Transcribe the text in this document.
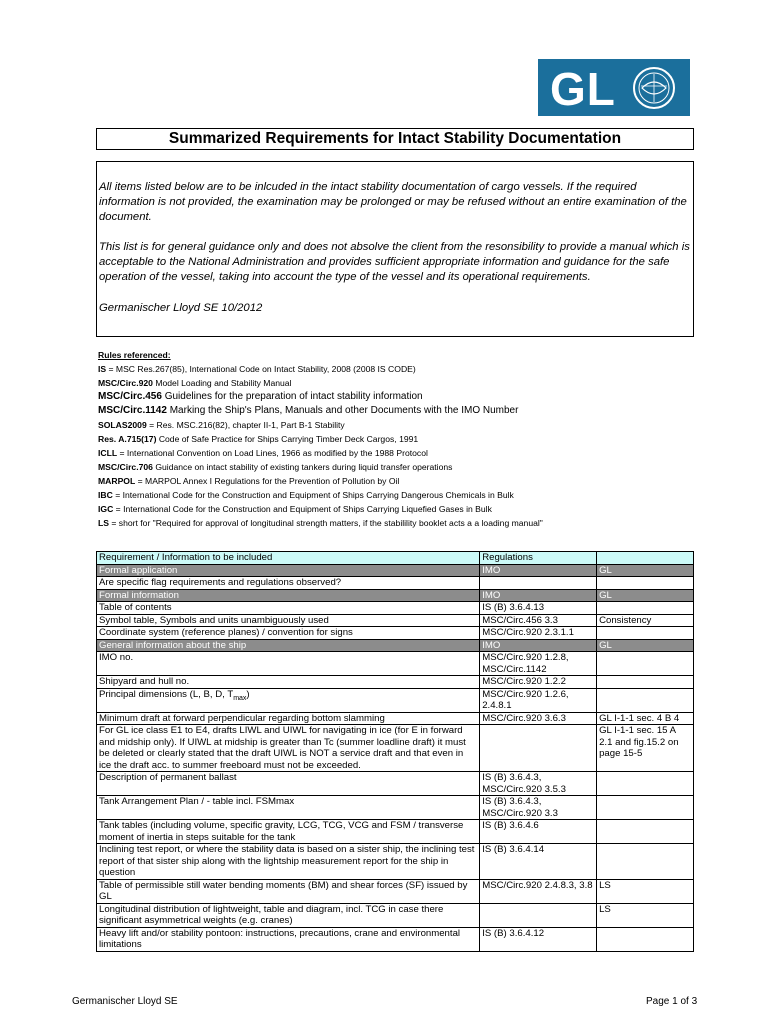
GL
Summarized Requirements for Intact Stability Documentation

All items listed below are to be inlcuded in the intact stability documentation of cargo vessels. If the required information is not provided, the examination may be prolonged or may be refused without an entire examination of the document.

This list is for general guidance only and does not absolve the client from the resonsibility to provide a manual which is acceptable to the National Administration and provides sufficient appropriate information and guidance for the safe operation of the vessel, taking into account the type of the vessel and its operational requirements.

Germanischer Lloyd SE 10/2012

Rules referenced:
IS = MSC Res.267(85), International Code on Intact Stability, 2008 (2008 IS CODE)
MSC/Circ.920 Model Loading and Stability Manual
MSC/Circ.456 Guidelines for the preparation of intact stability information
MSC/Circ.1142 Marking the Ship's Plans, Manuals and other Documents with the IMO Number
SOLAS2009 = Res. MSC.216(82), chapter II-1, Part B-1 Stability
Res. A.715(17) Code of Safe Practice for Ships Carrying Timber Deck Cargos, 1991
ICLL = International Convention on Load Lines, 1966 as modified by the 1988 Protocol
MSC/Circ.706 Guidance on intact stability of existing tankers during liquid transfer operations
MARPOL = MARPOL Annex I Regulations for the Prevention of Pollution by Oil
IBC = International Code for the Construction and Equipment of Ships Carrying Dangerous Chemicals in Bulk
IGC = International Code for the Construction and Equipment of Ships Carrying Liquefied Gases in Bulk
LS = short for "Required for approval of longitudinal strength matters, if the stabilility booklet acts a a loading manual"
Requirement / Information to be included	Regulations	
Formal application	IMO	GL
Are specific flag requirements and regulations observed?		
Formal information	IMO	GL
Table of contents	IS (B) 3.6.4.13	
Symbol table, Symbols and units unambiguously used	MSC/Circ.456 3.3	Consistency
Coordinate system (reference planes) / convention for signs	MSC/Circ.920 2.3.1.1	
General information about the ship	IMO	GL
IMO no.	MSC/Circ.920 1.2.8, MSC/Circ.1142	
Shipyard and hull no.	MSC/Circ.920 1.2.2	
Principal dimensions (L, B, D, $T_{max}$)	MSC/Circ.920 1.2.6, 2.4.8.1	
Minimum draft at forward perpendicular regarding bottom slamming	MSC/Circ.920 3.6.3	GL I-1-1 sec. 4 B 4
For GL ice class E1 to E4, drafts LIWL and UIWL for navigating in ice (for E in forward and midship only). If UIWL at midship is greater than Tc (summer loadline draft) it must be deleted or clearly stated that the draft UIWL is NOT a service draft and that even in ice the draft acc. to summer freeboard must not be exceeded.		GL I-1-1 sec. 15 A 2.1 and fig.15.2 on page 15-5
Description of permanent ballast	IS (B) 3.6.4.3, MSC/Circ.920 3.5.3	
Tank Arrangement Plan / - table incl. FSMmax	IS (B) 3.6.4.3, MSC/Circ.920 3.3	
Tank tables (including volume, specific gravity, LCG, TCG, VCG and FSM / transverse moment of inertia in steps suitable for the tank	IS (B) 3.6.4.6	
Inclining test report, or where the stability data is based on a sister ship, the inclining test report of that sister ship along with the lightship measurement report for the ship in question	IS (B) 3.6.4.14	
Table of permissible still water bending moments (BM) and shear forces (SF) issued by GL	MSC/Circ.920 2.4.8.3, 3.8	LS
Longitudinal distribution of lightweight, table and diagram, incl. TCG in case there significant asymmetrical weights (e.g. cranes)		LS
Heavy lift and/or stability pontoon: instructions, precautions, crane and environmental limitations	IS (B) 3.6.4.12	
Germanischer Lloyd SE	Page 1 of 3
